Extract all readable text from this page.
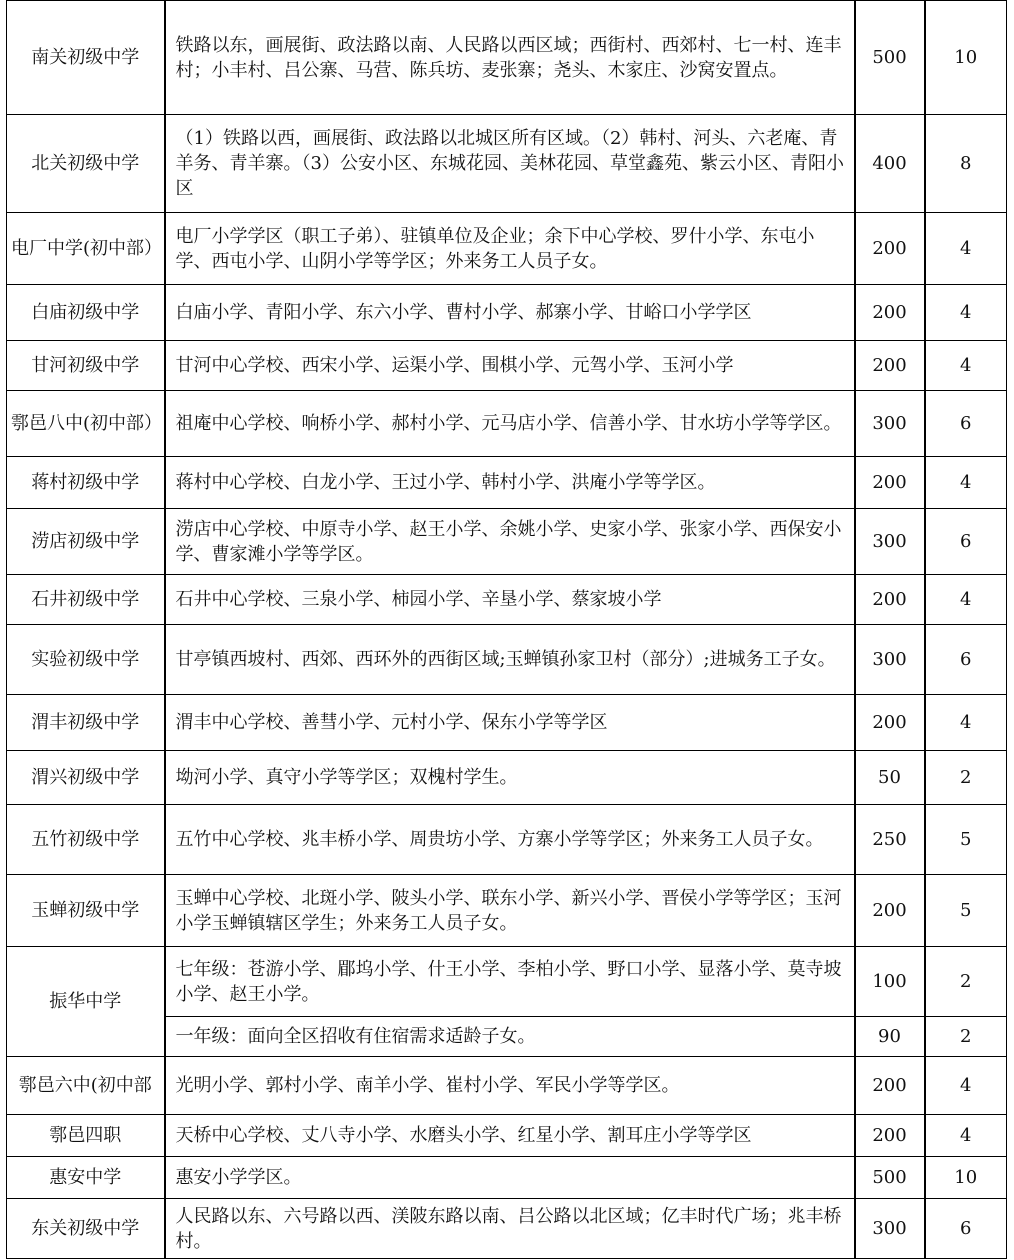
南关初级中学	铁路以东，画展街、政法路以南、人民路以西区域；西街村、西郊村、七一村、连丰村；小丰村、吕公寨、马营、陈兵坊、麦张寨；尧头、木家庄、沙窝安置点。	500	10
北关初级中学	（1）铁路以西，画展街、政法路以北城区所有区域。（2）韩村、河头、六老庵、青羊务、青羊寨。（3）公安小区、东城花园、美林花园、草堂鑫苑、紫云小区、青阳小区	400	8
电厂中学(初中部）	电厂小学学区（职工子弟）、驻镇单位及企业；余下中心学校、罗什小学、东屯小学、西屯小学、山阴小学等学区；外来务工人员子女。	200	4
白庙初级中学	白庙小学、青阳小学、东六小学、曹村小学、郝寨小学、甘峪口小学学区	200	4
甘河初级中学	甘河中心学校、西宋小学、运渠小学、围棋小学、元驾小学、玉河小学	200	4
鄠邑八中(初中部）	祖庵中心学校、响桥小学、郝村小学、元马店小学、信善小学、甘水坊小学等学区。	300	6
蒋村初级中学	蒋村中心学校、白龙小学、王过小学、韩村小学、洪庵小学等学区。	200	4
涝店初级中学	涝店中心学校、中原寺小学、赵王小学、余姚小学、史家小学、张家小学、西保安小学、曹家滩小学等学区。	300	6
石井初级中学	石井中心学校、三泉小学、柿园小学、辛垦小学、蔡家坡小学	200	4
实验初级中学	甘亭镇西坡村、西郊、西环外的西街区域;玉蝉镇孙家卫村（部分）;进城务工子女。	300	6
渭丰初级中学	渭丰中心学校、善彗小学、元村小学、保东小学等学区	200	4
渭兴初级中学	坳河小学、真守小学等学区；双槐村学生。	50	2
五竹初级中学	五竹中心学校、兆丰桥小学、周贵坊小学、方寨小学等学区；外来务工人员子女。	250	5
玉蝉初级中学	玉蝉中心学校、北斑小学、陂头小学、联东小学、新兴小学、晋侯小学等学区；玉河小学玉蝉镇辖区学生；外来务工人员子女。	200	5
振华中学	七年级：苍游小学、郿坞小学、什王小学、李柏小学、野口小学、显落小学、莫寺坡小学、赵王小学。	100	2
	一年级：面向全区招收有住宿需求适龄子女。	90	2
鄠邑六中(初中部	光明小学、郭村小学、南羊小学、崔村小学、军民小学等学区。	200	4
鄠邑四职	天桥中心学校、丈八寺小学、水磨头小学、红星小学、割耳庄小学等学区	200	4
惠安中学	惠安小学学区。	500	10
东关初级中学	人民路以东、六号路以西、渼陂东路以南、吕公路以北区域；亿丰时代广场；兆丰桥村。	300	6
